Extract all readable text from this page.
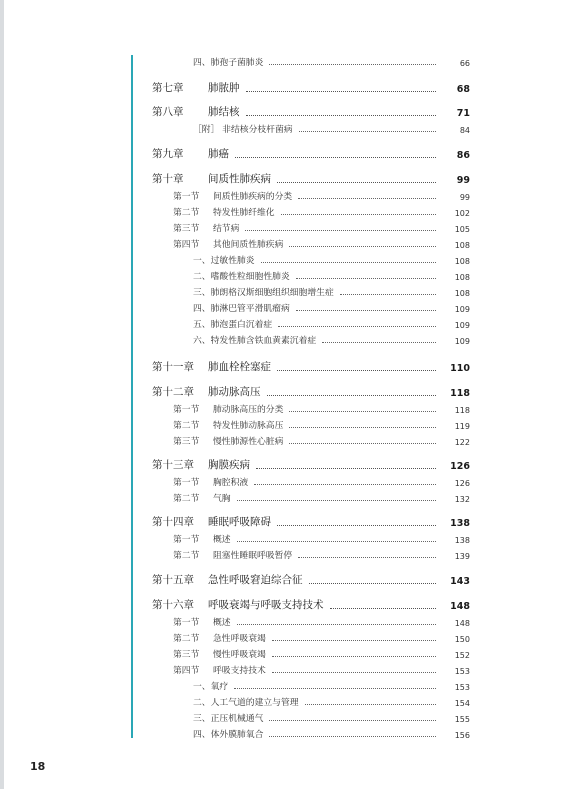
四、肺孢子菌肺炎	66
第七章	肺脓肿	68
第八章	肺结核	71
［附］ 非结核分枝杆菌病	84
第九章	肺癌	86
第十章	间质性肺疾病	99
第一节	间质性肺疾病的分类	99
第二节	特发性肺纤维化	102
第三节	结节病	105
第四节	其他间质性肺疾病	108
一、过敏性肺炎	108
二、嗜酸性粒细胞性肺炎	108
三、肺朗格汉斯细胞组织细胞增生症	108
四、肺淋巴管平滑肌瘤病	109
五、肺泡蛋白沉着症	109
六、特发性肺含铁血黄素沉着症	109
第十一章	肺血栓栓塞症	110
第十二章	肺动脉高压	118
第一节	肺动脉高压的分类	118
第二节	特发性肺动脉高压	119
第三节	慢性肺源性心脏病	122
第十三章	胸膜疾病	126
第一节	胸腔积液	126
第二节	气胸	132
第十四章	睡眠呼吸障碍	138
第一节	概述	138
第二节	阻塞性睡眠呼吸暂停	139
第十五章	急性呼吸窘迫综合征	143
第十六章	呼吸衰竭与呼吸支持技术	148
第一节	概述	148
第二节	急性呼吸衰竭	150
第三节	慢性呼吸衰竭	152
第四节	呼吸支持技术	153
一、氧疗	153
二、人工气道的建立与管理	154
三、正压机械通气	155
四、体外膜肺氧合	156
18
